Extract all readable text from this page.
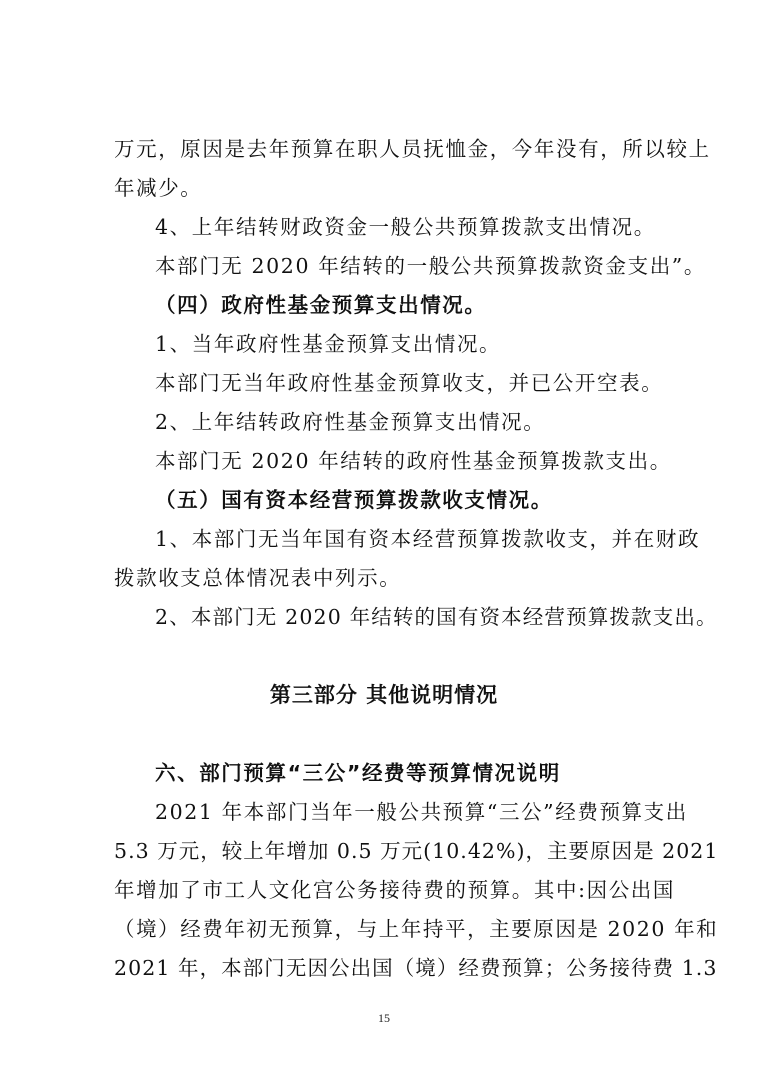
万元，原因是去年预算在职人员抚恤金，今年没有，所以较上
年减少。
4、上年结转财政资金一般公共预算拨款支出情况。
本部门无 2020 年结转的一般公共预算拨款资金支出”。
（四）政府性基金预算支出情况。
1、当年政府性基金预算支出情况。
本部门无当年政府性基金预算收支，并已公开空表。
2、上年结转政府性基金预算支出情况。
本部门无 2020 年结转的政府性基金预算拨款支出。
（五）国有资本经营预算拨款收支情况。
1、本部门无当年国有资本经营预算拨款收支，并在财政
拨款收支总体情况表中列示。
2、本部门无 2020 年结转的国有资本经营预算拨款支出。
第三部分 其他说明情况
六、部门预算“三公”经费等预算情况说明
2021 年本部门当年一般公共预算“三公”经费预算支出
5.3 万元，较上年增加 0.5 万元(10.42%)，主要原因是 2021
年增加了市工人文化宫公务接待费的预算。其中:因公出国
（境）经费年初无预算，与上年持平，主要原因是 2020 年和
2021 年，本部门无因公出国（境）经费预算；公务接待费 1.3
15
